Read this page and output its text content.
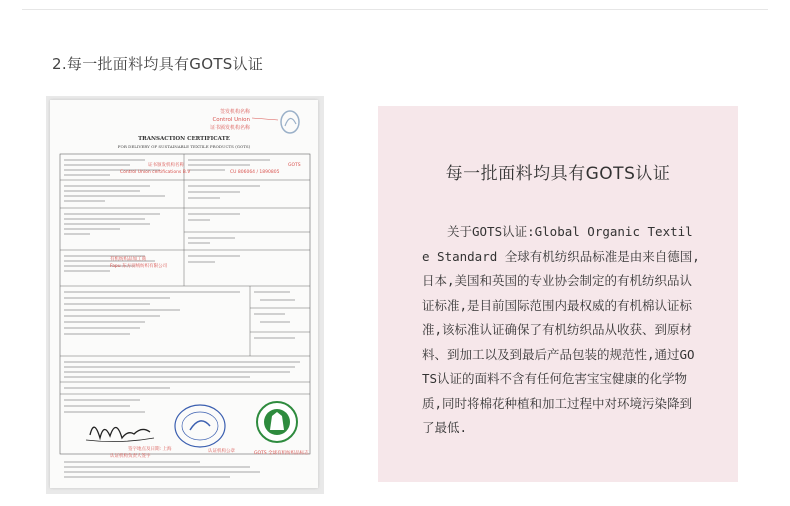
2.每一批面料均具有GOTS认证
TRANSACTION CERTIFICATE
FOR DELIVERY OF SUSTAINABLE TEXTILE PRODUCTS (GOTS)
签发机构名称
Control Union
证书颁发机构名称
证书颁发机构名称
Control Union certifications B.V
GOTS
CU 806064 / 1890805
有机纺织品加工商
Fapu 东方羽绒纺织有限公司
签字地点及日期: 上海
认证机构负责人签字
认证机构公章	GOTS 全球有机纺织品标志
每一批面料均具有GOTS认证
关于GOTS认证:Global Organic Textile Standard 全球有机纺织品标准是由来自德国,日本,美国和英国的专业协会制定的有机纺织品认证标准,是目前国际范围内最权威的有机棉认证标准,该标准认证确保了有机纺织品从收获、到原材料、到加工以及到最后产品包装的规范性,通过GOTS认证的面料不含有任何危害宝宝健康的化学物质,同时将棉花种植和加工过程中对环境污染降到了最低.
